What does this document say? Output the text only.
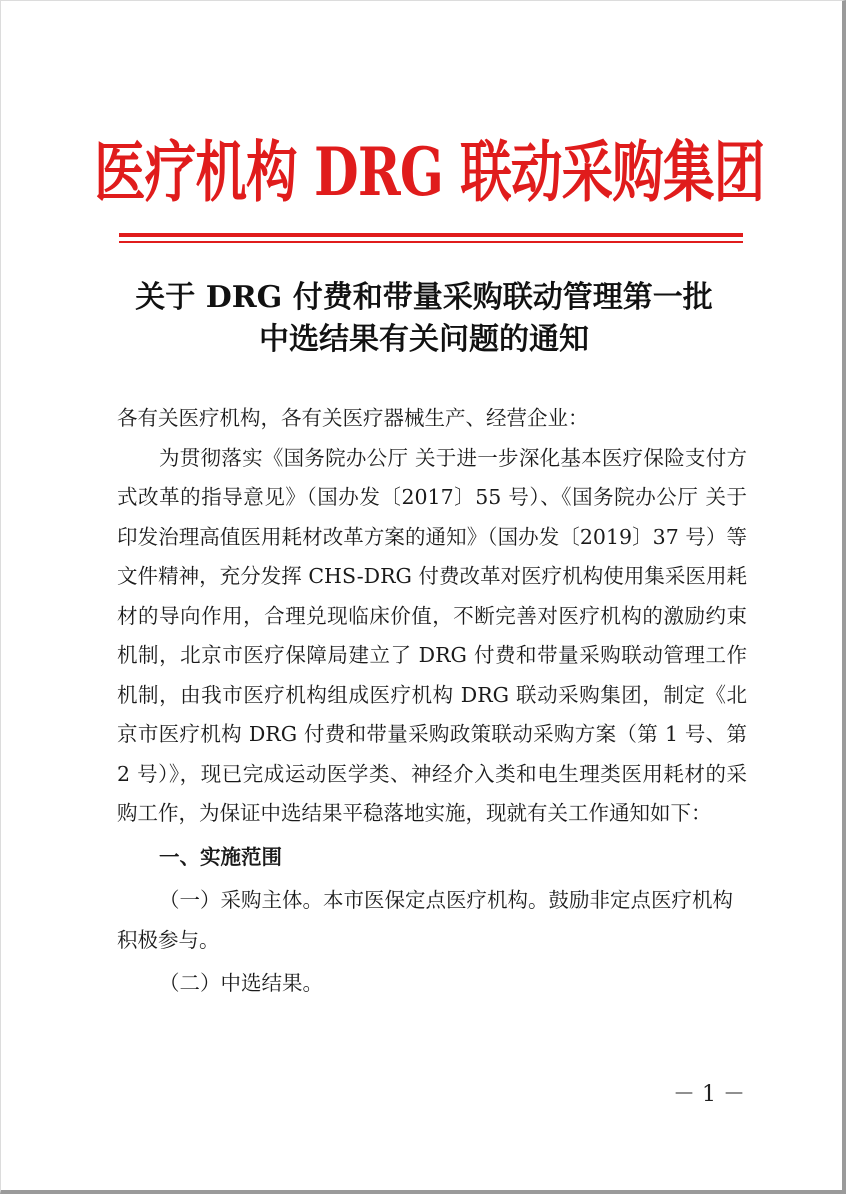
医疗机构 DRG 联动采购集团
关于 DRG 付费和带量采购联动管理第一批
中选结果有关问题的通知

各有关医疗机构，各有关医疗器械生产、经营企业：

为贯彻落实《国务院办公厅 关于进一步深化基本医疗保险支付方式改革的指导意见》（国办发〔2017〕55 号）、《国务院办公厅 关于印发治理高值医用耗材改革方案的通知》（国办发〔2019〕37 号）等文件精神，充分发挥 CHS-DRG 付费改革对医疗机构使用集采医用耗材的导向作用，合理兑现临床价值，不断完善对医疗机构的激励约束机制，北京市医疗保障局建立了 DRG 付费和带量采购联动管理工作机制，由我市医疗机构组成医疗机构 DRG 联动采购集团，制定《北京市医疗机构 DRG 付费和带量采购政策联动采购方案（第 1 号、第 2 号）》，现已完成运动医学类、神经介入类和电生理类医用耗材的采购工作，为保证中选结果平稳落地实施，现就有关工作通知如下：

一、实施范围

（一）采购主体。本市医保定点医疗机构。鼓励非定点医疗机构积极参与。

（二）中选结果。

－ 1 －
